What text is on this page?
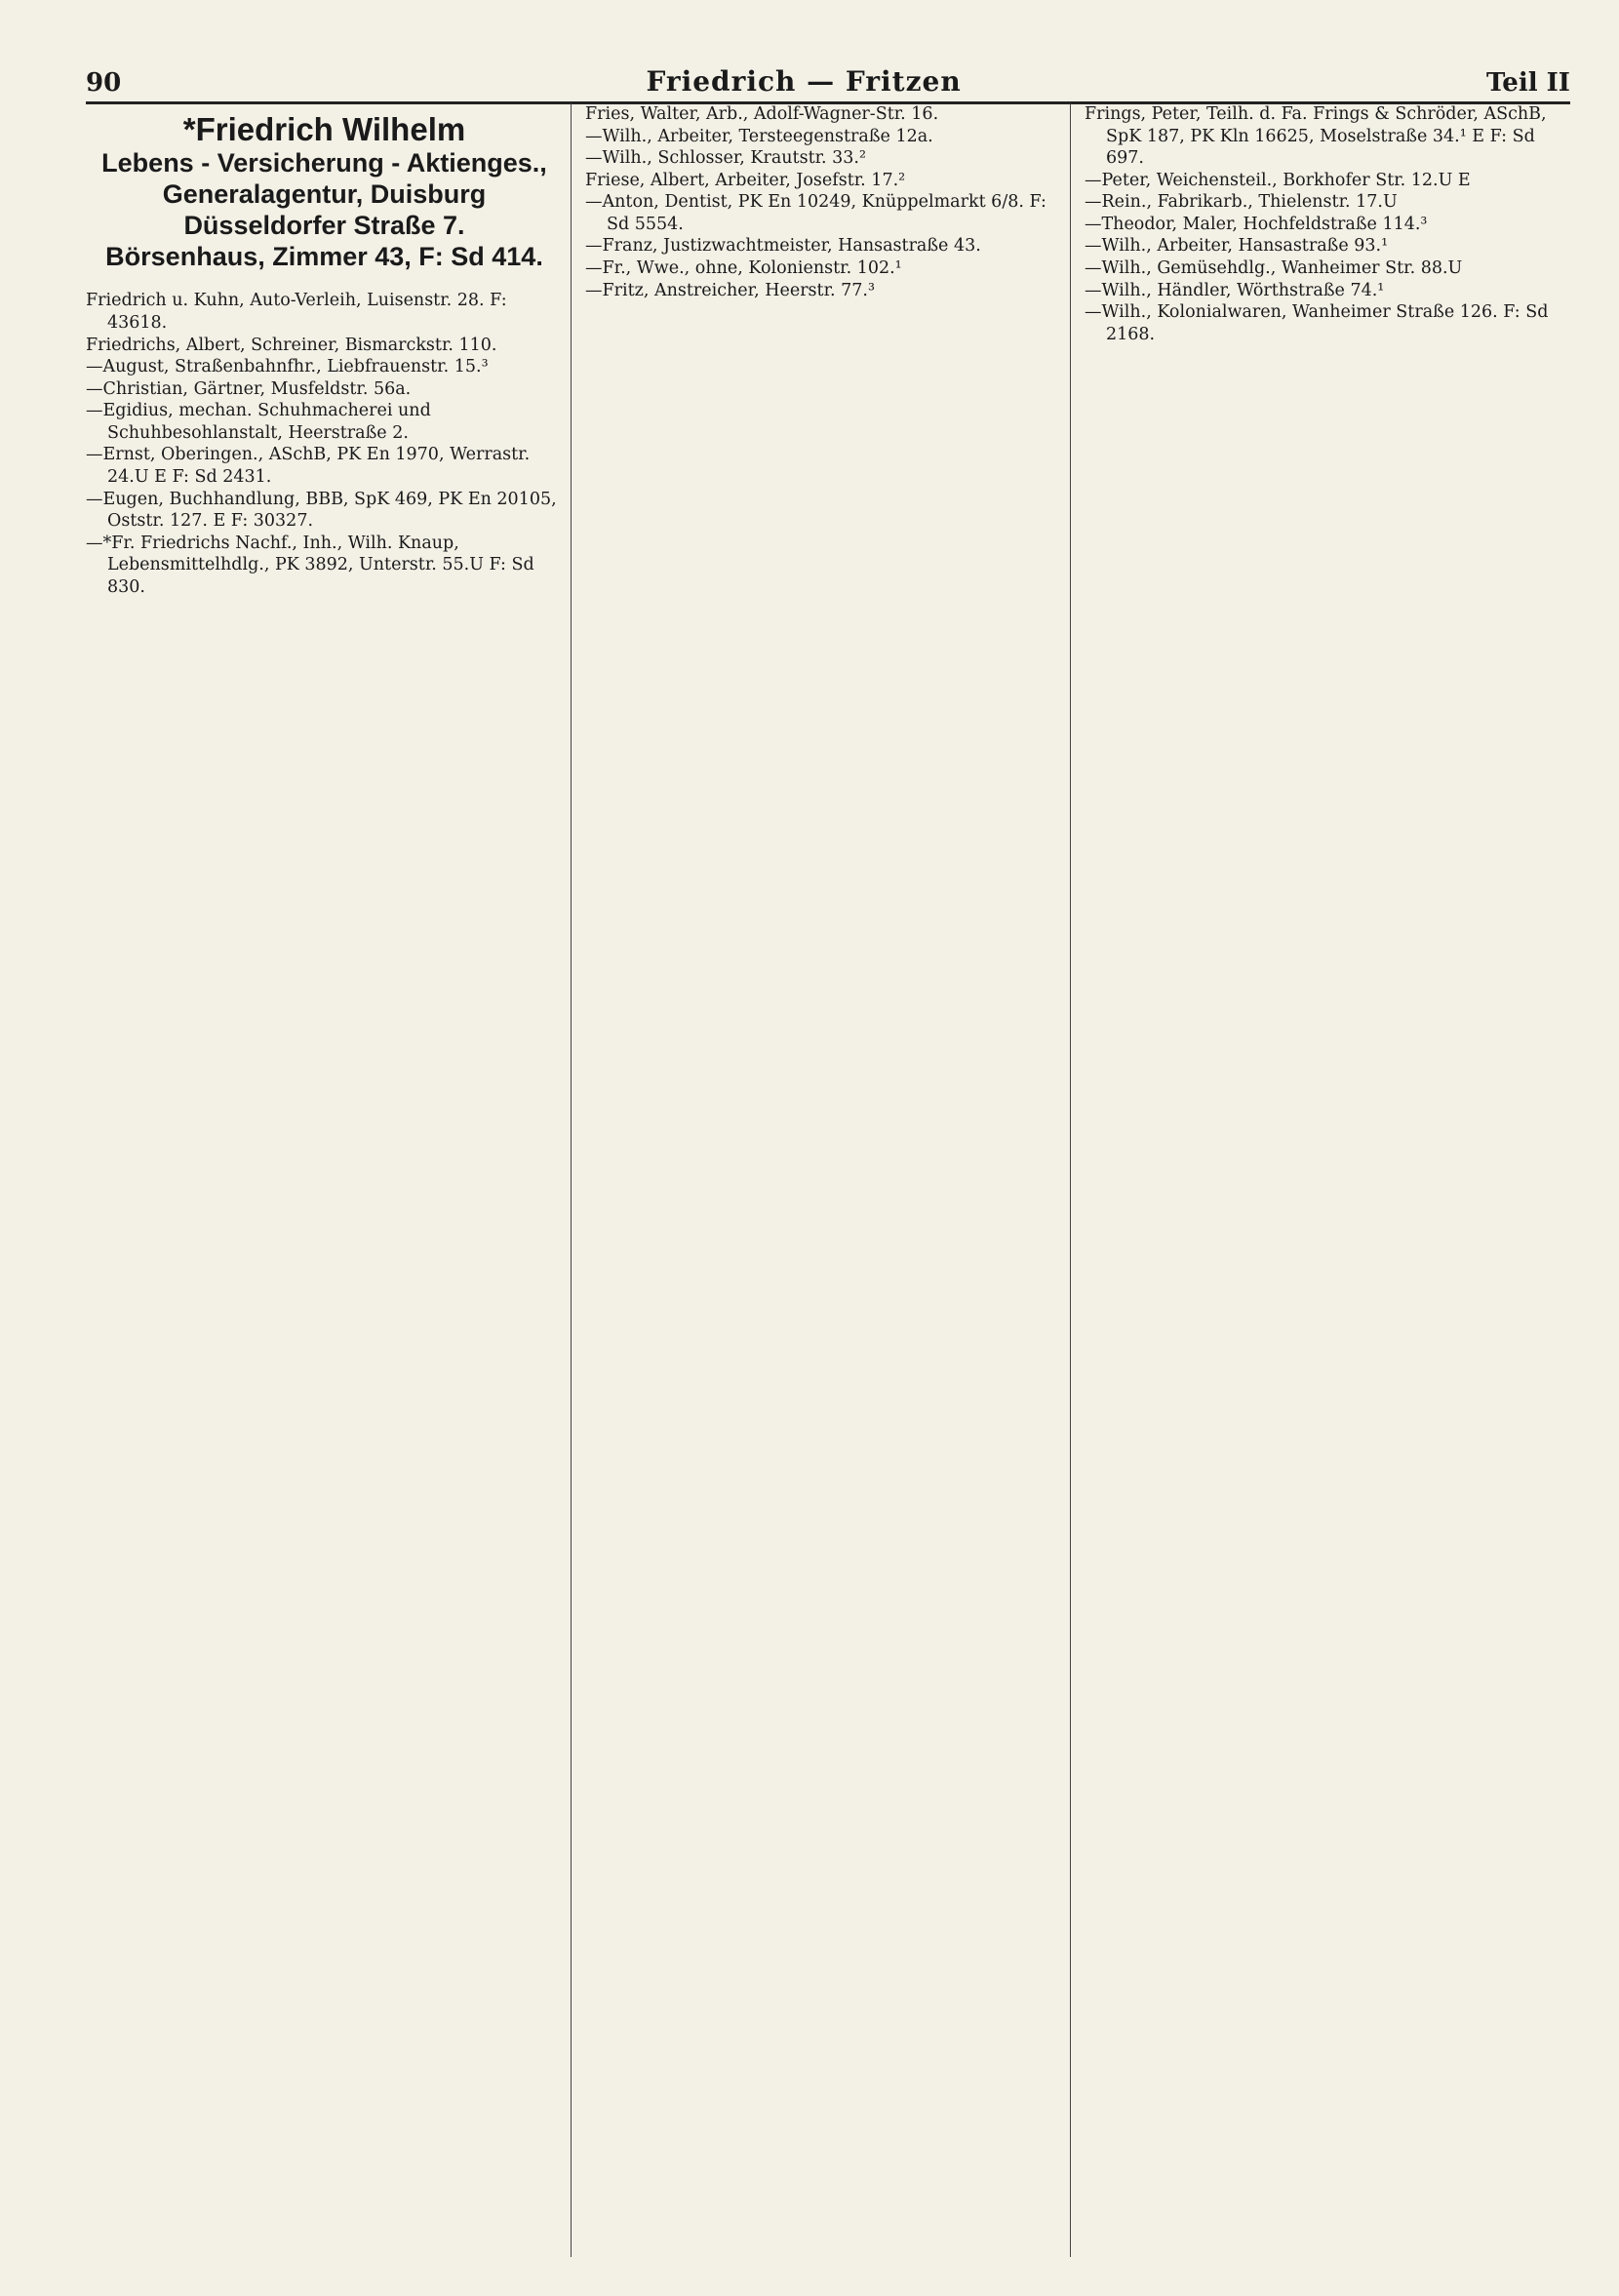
90	Friedrich — Fritzen	Teil II
*Friedrich Wilhelm
Lebens - Versicherung - Aktienges.,
Generalagentur, Duisburg
Düsseldorfer Straße 7.
Börsenhaus, Zimmer 43, F: Sd 414.

Friedrich u. Kuhn, Auto-Verleih, Luisenstr. 28. F: 43618.

Friedrichs, Albert, Schreiner, Bismarckstr. 110.

—August, Straßenbahnfhr., Liebfrauenstr. 15.³

—Christian, Gärtner, Musfeldstr. 56a.

—Egidius, mechan. Schuhmacherei und Schuhbesohlanstalt, Heerstraße 2.

—Ernst, Oberingen., ASchB, PK En 1970, Werrastr. 24.U E F: Sd 2431.

—Eugen, Buchhandlung, BBB, SpK 469, PK En 20105, Oststr. 127. E F: 30327.

—*Fr. Friedrichs Nachf., Inh., Wilh. Knaup, Lebensmittelhdlg., PK 3892, Unterstr. 55.U F: Sd 830.

Fries, Walter, Arb., Adolf-Wagner-Str. 16.

—Wilh., Arbeiter, Tersteegenstraße 12a.

—Wilh., Schlosser, Krautstr. 33.²

Friese, Albert, Arbeiter, Josefstr. 17.²

—Anton, Dentist, PK En 10249, Knüppelmarkt 6/8. F: Sd 5554.

—Franz, Justizwachtmeister, Hansastraße 43.

—Fr., Wwe., ohne, Kolonienstr. 102.¹

—Fritz, Anstreicher, Heerstr. 77.³

Frings, Peter, Teilh. d. Fa. Frings & Schröder, ASchB, SpK 187, PK Kln 16625, Moselstraße 34.¹ E F: Sd 697.

—Peter, Weichensteil., Borkhofer Str. 12.U E

—Rein., Fabrikarb., Thielenstr. 17.U

—Theodor, Maler, Hochfeldstraße 114.³

—Wilh., Arbeiter, Hansastraße 93.¹

—Wilh., Gemüsehdlg., Wanheimer Str. 88.U

—Wilh., Händler, Wörthstraße 74.¹

—Wilh., Kolonialwaren, Wanheimer Straße 126. F: Sd 2168.
